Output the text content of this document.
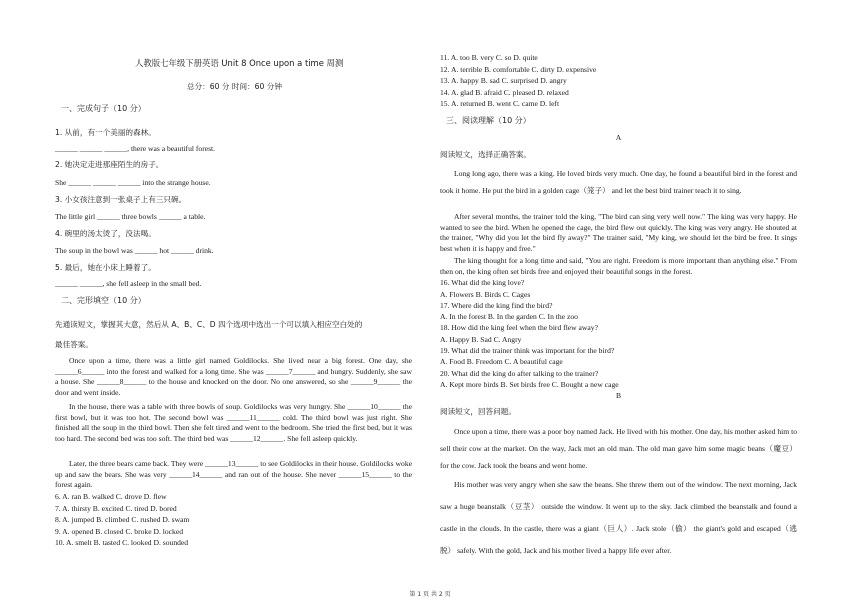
人教版七年级下册英语 Unit 8 Once upon a time 周测
总分：60 分 时间：60 分钟
一、完成句子（10 分）
1. 从前，有一个美丽的森林。
______ ______ ______, there was a beautiful forest.
2. 她决定走进那座陌生的房子。
She ______ ______ ______ into the strange house.
3. 小女孩注意到一张桌子上有三只碗。
The little girl ______ three bowls ______ a table.
4. 碗里的汤太烫了，没法喝。
The soup in the bowl was ______ hot ______ drink.
5. 最后，她在小床上睡着了。
______ ______, she fell asleep in the small bed.
二、完形填空（10 分）
先通读短文，掌握其大意，然后从 A、B、C、D 四个选项中选出一个可以填入相应空白处的
最佳答案。
Once upon a time, there was a little girl named Goldilocks. She lived near a big forest. One day, she ______6______ into the forest and walked for a long time. She was ______7______ and hungry. Suddenly, she saw a house. She ______8______ to the house and knocked on the door. No one answered, so she ______9______ the door and went inside.
In the house, there was a table with three bowls of soup. Goldilocks was very hungry. She ______10______ the first bowl, but it was too hot. The second bowl was ______11______ cold. The third bowl was just right. She finished all the soup in the third bowl. Then she felt tired and went to the bedroom. She tried the first bed, but it was too hard. The second bed was too soft. The third bed was ______12______. She fell asleep quickly.
Later, the three bears came back. They were ______13______ to see Goldilocks in their house. Goldilocks woke up and saw the bears. She was very ______14______ and ran out of the house. She never ______15______ to the forest again.
6. A. ran B. walked C. drove D. flew
7. A. thirsty B. excited C. tired D. bored
8. A. jumped B. climbed C. rushed D. swam
9. A. opened B. closed C. broke D. locked
10. A. smelt B. tasted C. looked D. sounded
11. A. too B. very C. so D. quite
12. A. terrible B. comfortable C. dirty D. expensive
13. A. happy B. sad C. surprised D. angry
14. A. glad B. afraid C. pleased D. relaxed
15. A. returned B. went C. came D. left
三、阅读理解（10 分）
A
阅读短文，选择正确答案。
Long long ago, there was a king. He loved birds very much. One day, he found a beautiful bird in the forest and took it home. He put the bird in a golden cage（笼子） and let the best bird trainer teach it to sing.
After several months, the trainer told the king, "The bird can sing very well now." The king was very happy. He wanted to see the bird. When he opened the cage, the bird flew out quickly. The king was very angry. He shouted at the trainer, "Why did you let the bird fly away?" The trainer said, "My king, we should let the bird be free. It sings best when it is happy and free."
The king thought for a long time and said, "You are right. Freedom is more important than anything else." From then on, the king often set birds free and enjoyed their beautiful songs in the forest.
16. What did the king love?
A. Flowers B. Birds C. Cages
17. Where did the king find the bird?
A. In the forest B. In the garden C. In the zoo
18. How did the king feel when the bird flew away?
A. Happy B. Sad C. Angry
19. What did the trainer think was important for the bird?
A. Food B. Freedom C. A beautiful cage
20. What did the king do after talking to the trainer?
A. Kept more birds B. Set birds free C. Bought a new cage
B
阅读短文，回答问题。
Once upon a time, there was a poor boy named Jack. He lived with his mother. One day, his mother asked him to sell their cow at the market. On the way, Jack met an old man. The old man gave him some magic beans（魔豆） for the cow. Jack took the beans and went home.
His mother was very angry when she saw the beans. She threw them out of the window. The next morning, Jack saw a huge beanstalk（豆茎） outside the window. It went up to the sky. Jack climbed the beanstalk and found a castle in the clouds. In the castle, there was a giant（巨人）. Jack stole（偷） the giant's gold and escaped（逃脱） safely. With the gold, Jack and his mother lived a happy life ever after.
第 1 页 共 2 页
